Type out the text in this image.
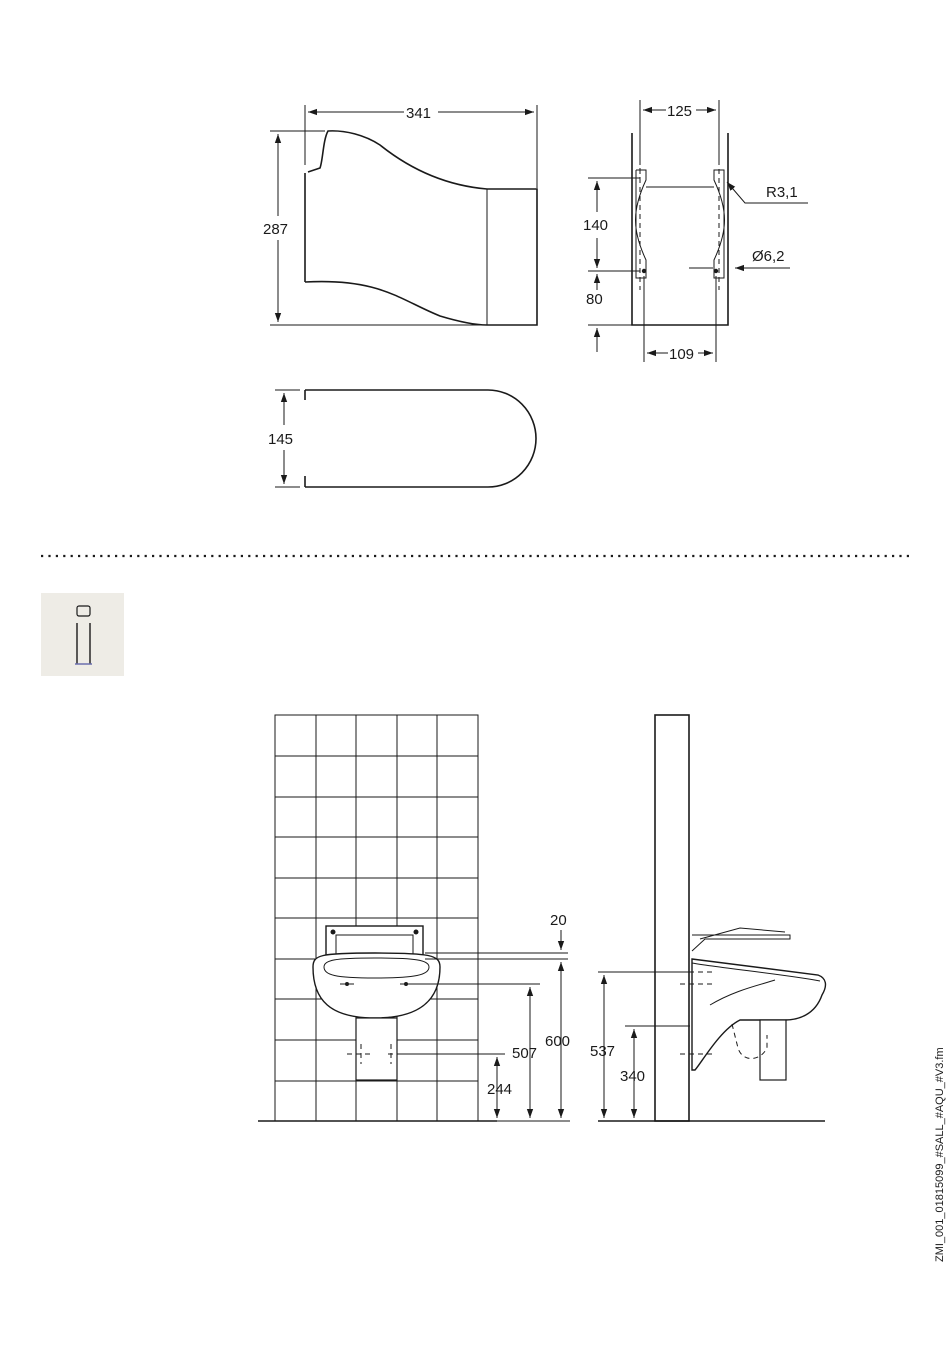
341
287
125
140
80
109
R3,1
Ø6,2
145
20
600
507
244
537
340	ZMI_001_01815099_#SALL_#AQU_#V3.fm
